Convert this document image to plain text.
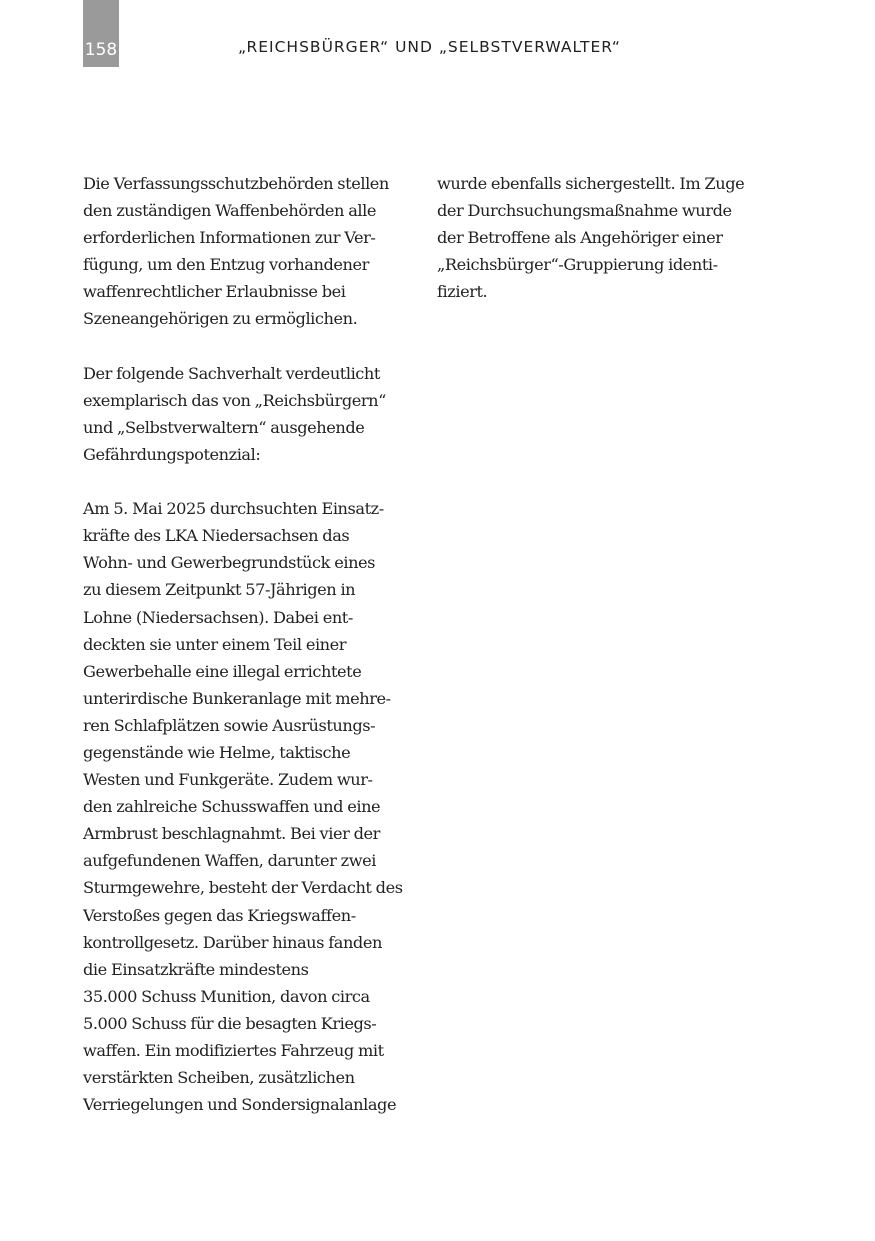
158	„REICHSBÜRGER“ UND „SELBSTVERWALTER“

Die Verfassungsschutzbehörden stellen
den zuständigen Waffenbehörden alle
erforderlichen Informationen zur Ver-
fügung, um den Entzug vorhandener
waffenrechtlicher Erlaubnisse bei
Szeneangehörigen zu ermöglichen.

Der folgende Sachverhalt verdeutlicht
exemplarisch das von „Reichsbürgern“
und „Selbstverwaltern“ ausgehende
Gefährdungspotenzial:

Am 5. Mai 2025 durchsuchten Einsatz-
kräfte des LKA Niedersachsen das
Wohn- und Gewerbegrundstück eines
zu diesem Zeitpunkt 57-Jährigen in
Lohne (Niedersachsen). Dabei ent-
deckten sie unter einem Teil einer
Gewerbehalle eine illegal errichtete
unterirdische Bunkeranlage mit mehre-
ren Schlafplätzen sowie Ausrüstungs-
gegenstände wie Helme, taktische
Westen und Funkgeräte. Zudem wur-
den zahlreiche Schusswaffen und eine
Armbrust beschlagnahmt. Bei vier der
aufgefundenen Waffen, darunter zwei
Sturmgewehre, besteht der Verdacht des
Verstoßes gegen das Kriegswaffen-
kontrollgesetz. Darüber hinaus fanden
die Einsatzkräfte mindestens
35.000 Schuss Munition, davon circa
5.000 Schuss für die besagten Kriegs-
waffen. Ein modifiziertes Fahrzeug mit
verstärkten Scheiben, zusätzlichen
Verriegelungen und Sondersignalanlage

wurde ebenfalls sichergestellt. Im Zuge
der Durchsuchungsmaßnahme wurde
der Betroffene als Angehöriger einer
„Reichsbürger“-Gruppierung identi-
fiziert.
